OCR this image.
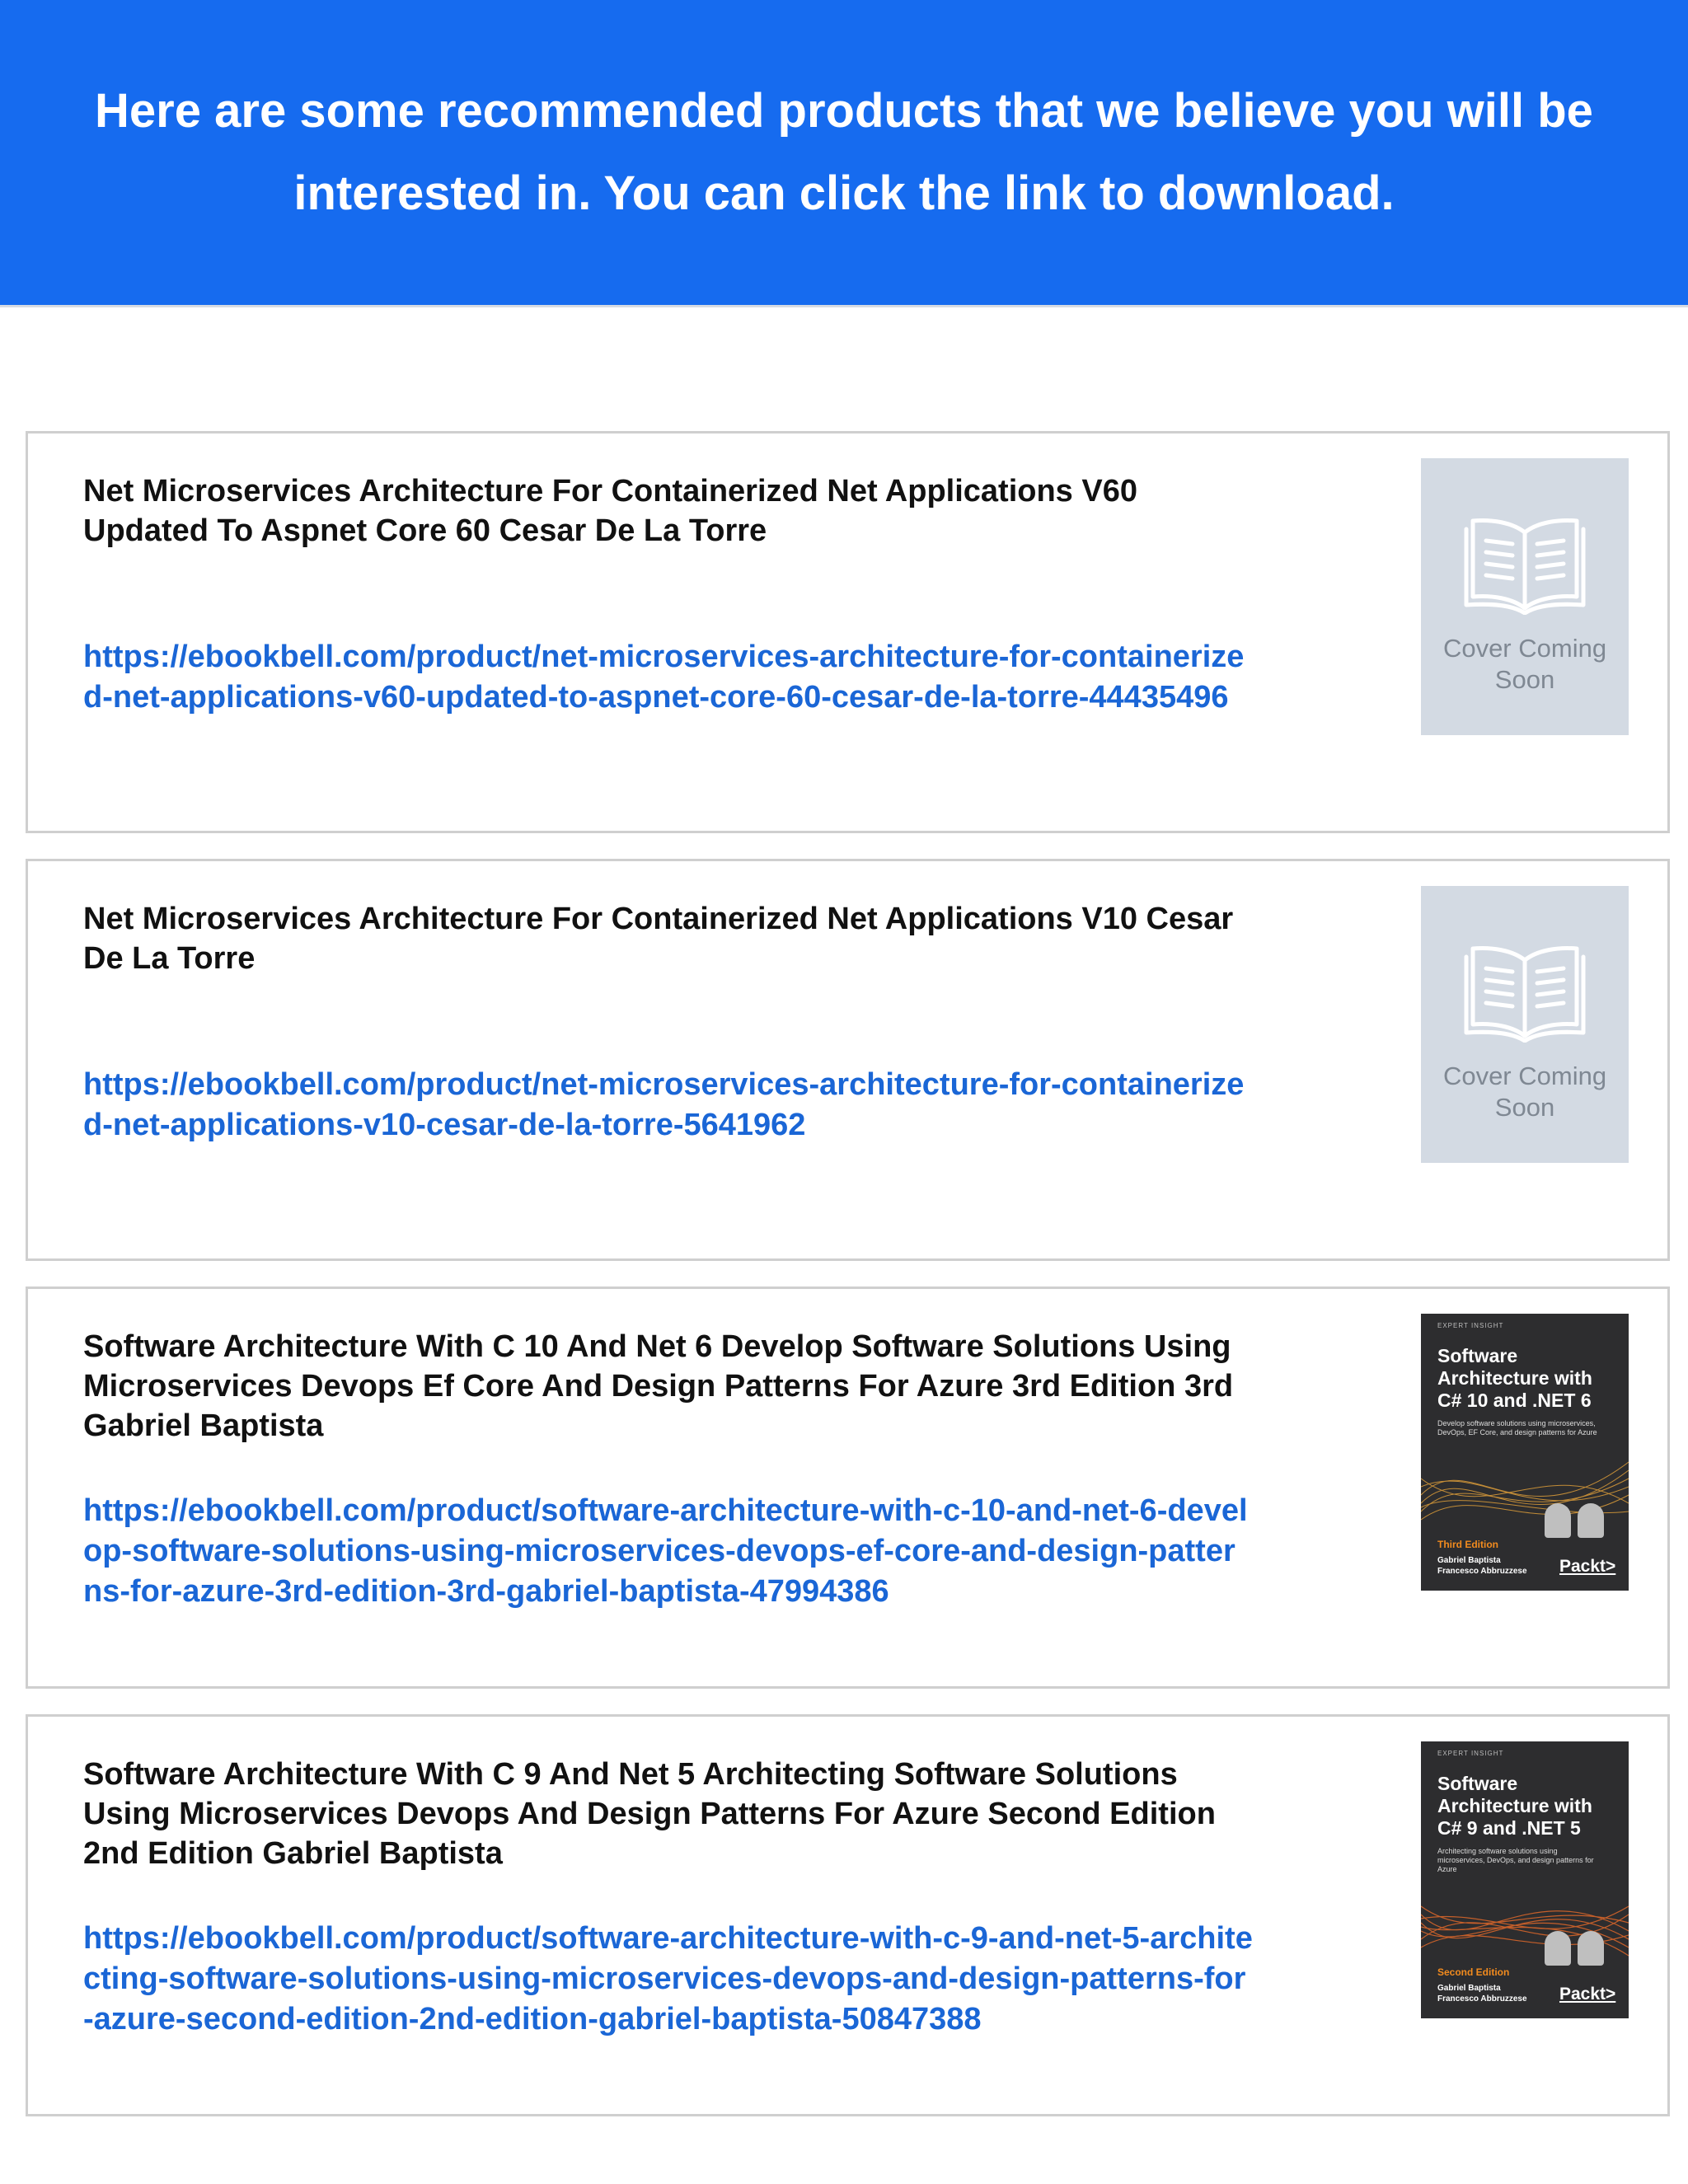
Here are some recommended products that we believe you will be interested in. You can click the link to download.
Net Microservices Architecture For Containerized Net Applications V60 Updated To Aspnet Core 60 Cesar De La Torre
https://ebookbell.com/product/net-microservices-architecture-for-containerized-net-applications-v60-updated-to-aspnet-core-60-cesar-de-la-torre-44435496
Cover Coming Soon
Net Microservices Architecture For Containerized Net Applications V10 Cesar De La Torre
https://ebookbell.com/product/net-microservices-architecture-for-containerized-net-applications-v10-cesar-de-la-torre-5641962
Cover Coming Soon
Software Architecture With C 10 And Net 6 Develop Software Solutions Using Microservices Devops Ef Core And Design Patterns For Azure 3rd Edition 3rd Gabriel Baptista
https://ebookbell.com/product/software-architecture-with-c-10-and-net-6-develop-software-solutions-using-microservices-devops-ef-core-and-design-patterns-for-azure-3rd-edition-3rd-gabriel-baptista-47994386
EXPERT INSIGHT
Software Architecture with C# 10 and .NET 6
Develop software solutions using microservices, DevOps, EF Core, and design patterns for Azure
Third Edition
Gabriel Baptista
Francesco Abbruzzese Packt>
Software Architecture With C 9 And Net 5 Architecting Software Solutions Using Microservices Devops And Design Patterns For Azure Second Edition 2nd Edition Gabriel Baptista
https://ebookbell.com/product/software-architecture-with-c-9-and-net-5-architecting-software-solutions-using-microservices-devops-and-design-patterns-for-azure-second-edition-2nd-edition-gabriel-baptista-50847388
EXPERT INSIGHT
Software Architecture with C# 9 and .NET 5
Architecting software solutions using microservices, DevOps, and design patterns for Azure
Second Edition
Gabriel Baptista
Francesco Abbruzzese Packt>
